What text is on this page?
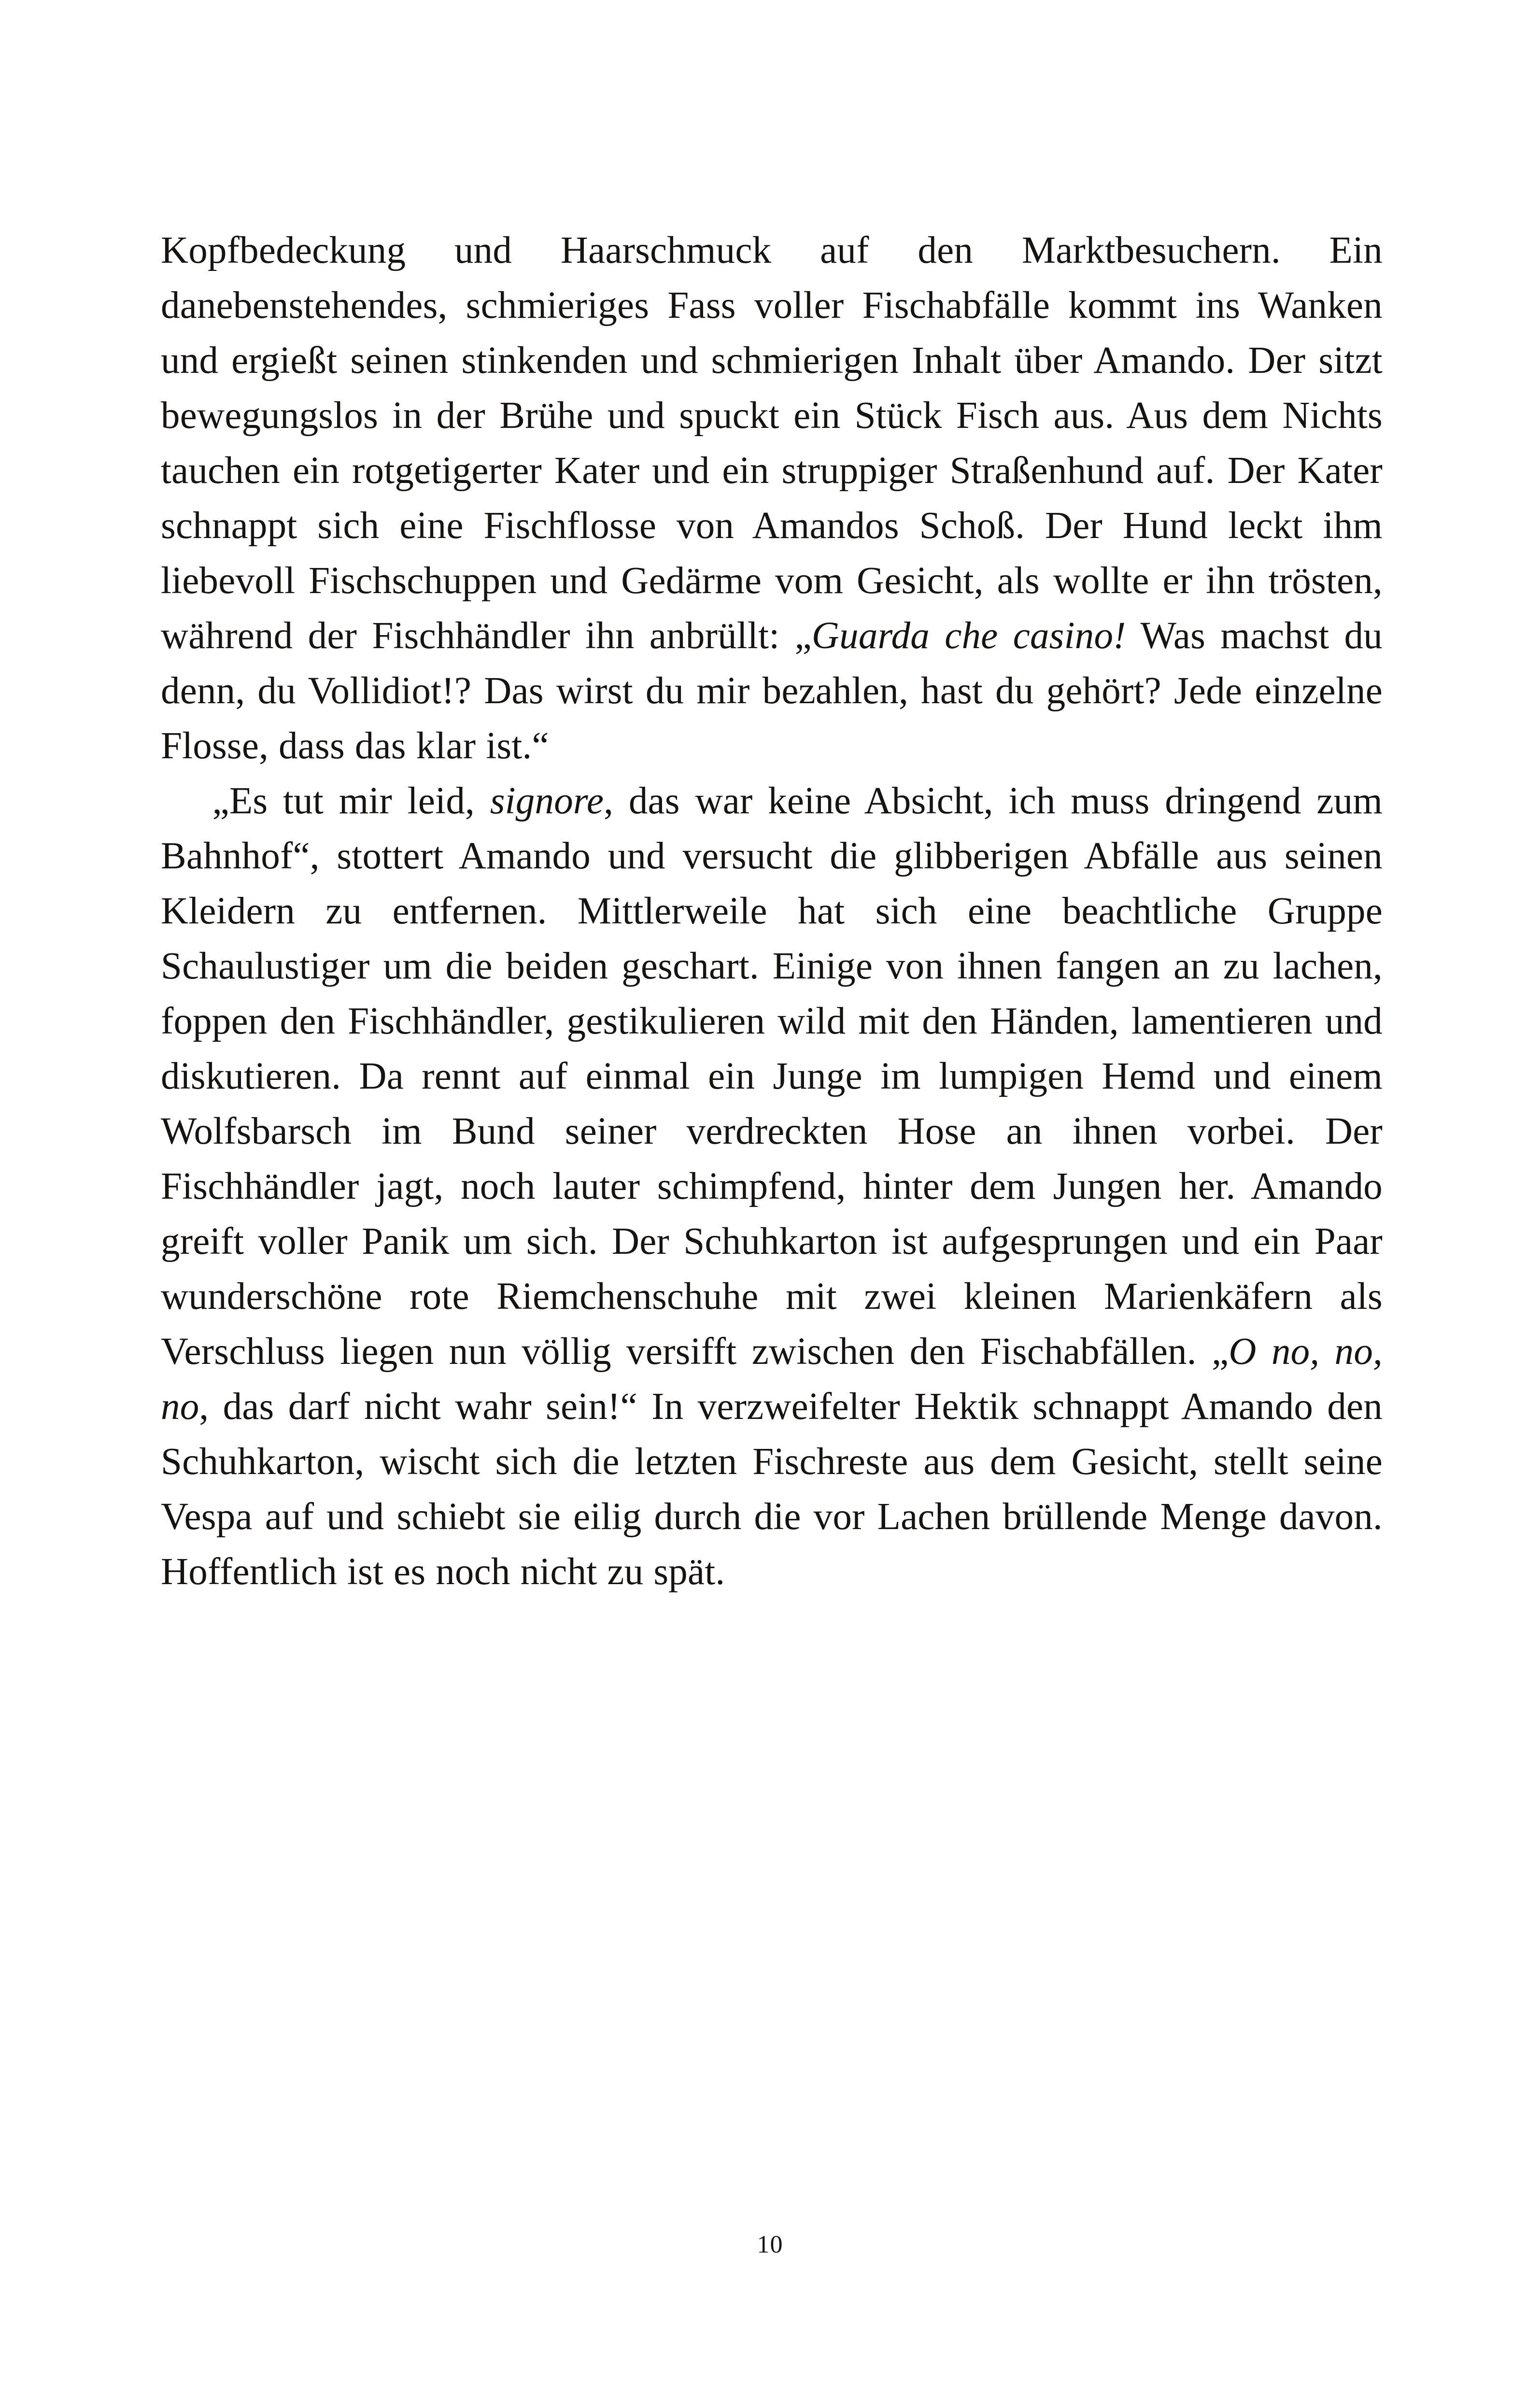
Kopfbedeckung und Haarschmuck auf den Marktbesuchern. Ein danebenstehendes, schmieriges Fass voller Fischabfälle kommt ins Wanken und ergießt seinen stinkenden und schmierigen Inhalt über Amando. Der sitzt bewegungslos in der Brühe und spuckt ein Stück Fisch aus. Aus dem Nichts tauchen ein rotgetigerter Kater und ein struppiger Straßenhund auf. Der Kater schnappt sich eine Fischflosse von Amandos Schoß. Der Hund leckt ihm liebevoll Fischschuppen und Gedärme vom Gesicht, als wollte er ihn trösten, während der Fischhändler ihn anbrüllt: „Guarda che casino! Was machst du denn, du Vollidiot!? Das wirst du mir bezahlen, hast du gehört? Jede einzelne Flosse, dass das klar ist.“

„Es tut mir leid, signore, das war keine Absicht, ich muss dringend zum Bahnhof“, stottert Amando und versucht die glibberigen Abfälle aus seinen Kleidern zu entfernen. Mittlerweile hat sich eine beachtliche Gruppe Schaulustiger um die beiden geschart. Einige von ihnen fangen an zu lachen, foppen den Fischhändler, gestikulieren wild mit den Händen, lamentieren und diskutieren. Da rennt auf einmal ein Junge im lumpigen Hemd und einem Wolfsbarsch im Bund seiner verdreckten Hose an ihnen vorbei. Der Fischhändler jagt, noch lauter schimpfend, hinter dem Jungen her. Amando greift voller Panik um sich. Der Schuhkarton ist aufgesprungen und ein Paar wunderschöne rote Riemchenschuhe mit zwei kleinen Marienkäfern als Verschluss liegen nun völlig versifft zwischen den Fischabfällen. „O no, no, no, das darf nicht wahr sein!“ In verzweifelter Hektik schnappt Amando den Schuhkarton, wischt sich die letzten Fischreste aus dem Gesicht, stellt seine Vespa auf und schiebt sie eilig durch die vor Lachen brüllende Menge davon. Hoffentlich ist es noch nicht zu spät.

10
